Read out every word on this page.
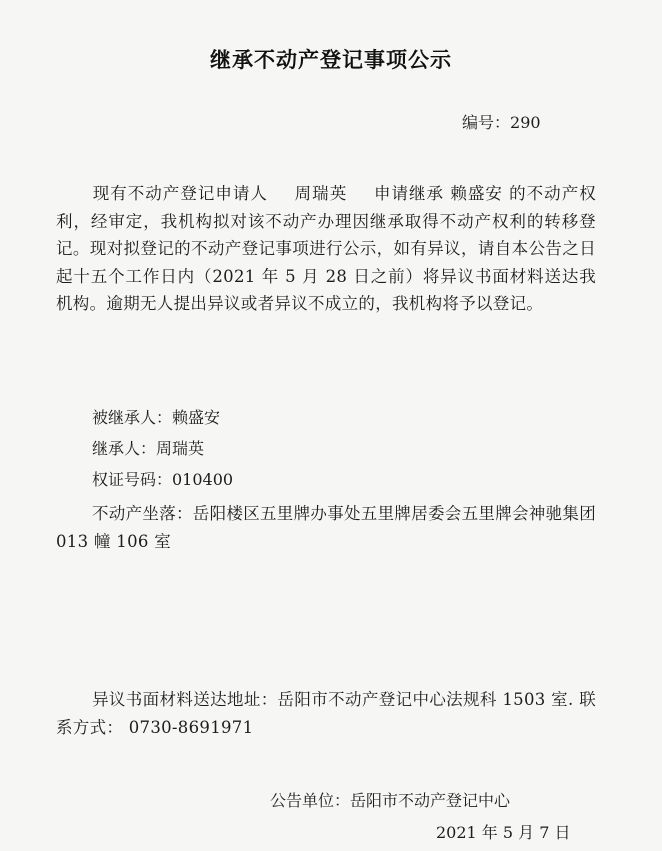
继承不动产登记事项公示
编号：290
现有不动产登记申请人 周瑞英 申请继承 赖盛安 的不动产权利，经审定，我机构拟对该不动产办理因继承取得不动产权利的转移登记。现对拟登记的不动产登记事项进行公示，如有异议，请自本公告之日起十五个工作日内（2021 年 5 月 28 日之前）将异议书面材料送达我机构。逾期无人提出异议或者异议不成立的，我机构将予以登记。
被继承人：赖盛安
继承人：周瑞英
权证号码：010400
不动产坐落：岳阳楼区五里牌办事处五里牌居委会五里牌会神驰集团 013 幢 106 室
异议书面材料送达地址：岳阳市不动产登记中心法规科 1503 室. 联系方式： 0730-8691971
公告单位：岳阳市不动产登记中心
2021 年 5 月 7 日
